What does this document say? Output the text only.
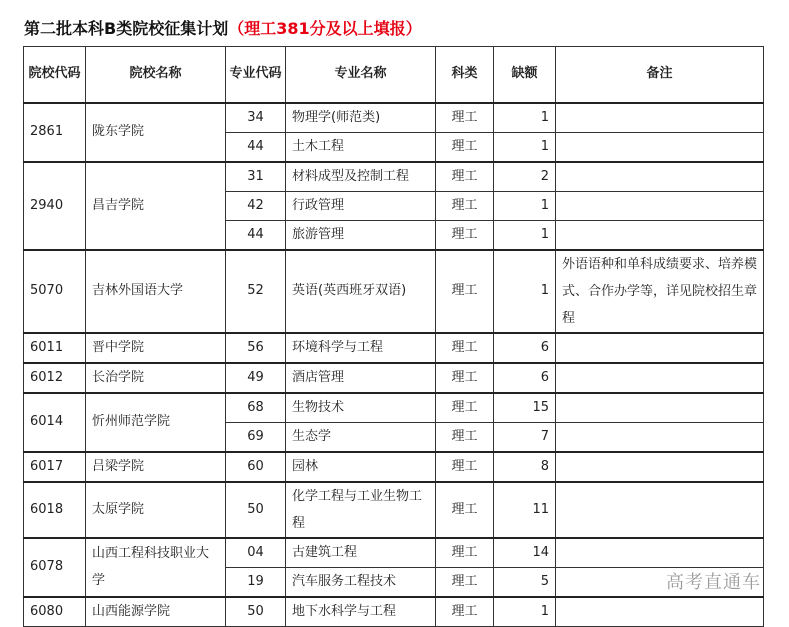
第二批本科B类院校征集计划（理工381分及以上填报）
院校代码	院校名称	专业代码	专业名称	科类	缺额	备注
2861	陇东学院	34	物理学(师范类)	理工	1	
		44	土木工程	理工	1	
2940	昌吉学院	31	材料成型及控制工程	理工	2	
		42	行政管理	理工	1	
		44	旅游管理	理工	1	
5070	吉林外国语大学	52	英语(英西班牙双语)	理工	1	外语语种和单科成绩要求、培养模式、合作办学等，详见院校招生章程
6011	晋中学院	56	环境科学与工程	理工	6	
6012	长治学院	49	酒店管理	理工	6	
6014	忻州师范学院	68	生物技术	理工	15	
		69	生态学	理工	7	
6017	吕梁学院	60	园林	理工	8	
6018	太原学院	50	化学工程与工业生物工程	理工	11	
6078	山西工程科技职业大学	04	古建筑工程	理工	14	
		19	汽车服务工程技术	理工	5	
6080	山西能源学院	50	地下水科学与工程	理工	1	
高考直通车
